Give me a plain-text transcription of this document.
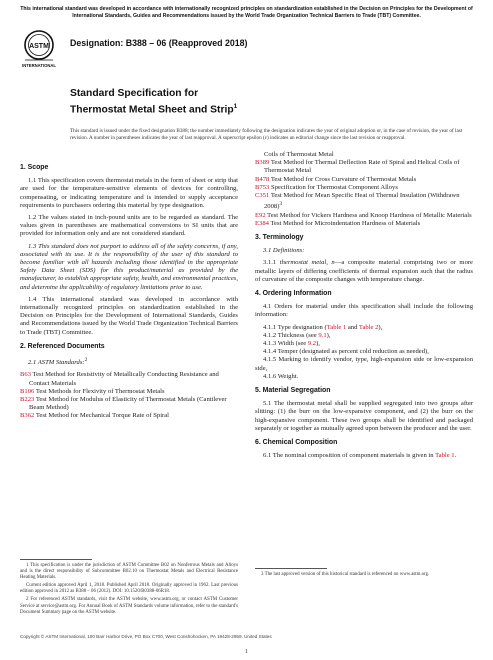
This international standard was developed in accordance with internationally recognized principles on standardization established in the Decision on Principles for the Development of International Standards, Guides and Recommendations issued by the World Trade Organization Technical Barriers to Trade (TBT) Committee.
ASTM
INTERNATIONAL
Designation: B388 – 06 (Reapproved 2018)
Standard Specification for
Thermostat Metal Sheet and Strip$^1$
This standard is issued under the fixed designation B388; the number immediately following the designation indicates the year of original adoption or, in the case of revision, the year of last revision. A number in parentheses indicates the year of last reapproval. A superscript epsilon (ε) indicates an editorial change since the last revision or reapproval.
1. Scope

1.1 This specification covers thermostat metals in the form of sheet or strip that are used for the temperature-sensitive elements of devices for controlling, compensating, or indicating temperature and is intended to supply acceptance requirements to purchasers ordering this material by type designation.

1.2 The values stated in inch-pound units are to be regarded as standard. The values given in parentheses are mathematical conversions to SI units that are provided for information only and are not considered standard.

1.3 This standard does not purport to address all of the safety concerns, if any, associated with its use. It is the responsibility of the user of this standard to become familiar with all hazards including those identified in the appropriate Safety Data Sheet (SDS) for this product/material as provided by the manufacturer, to establish appropriate safety, health, and environmental practices, and determine the applicability of regulatory limitations prior to use.

1.4 This international standard was developed in accordance with internationally recognized principles on standardization established in the Decision on Principles for the Development of International Standards, Guides and Recommendations issued by the World Trade Organization Technical Barriers to Trade (TBT) Committee.

2. Referenced Documents

2.1 ASTM Standards:$^2$

B63 Test Method for Resistivity of Metallically Conducting Resistance and Contact Materials
B106 Test Methods for Flexivity of Thermostat Metals
B223 Test Method for Modulus of Elasticity of Thermostat Metals (Cantilever Beam Method)
B362 Test Method for Mechanical Torque Rate of Spiral
Coils of Thermostat Metal
B389 Test Method for Thermal Deflection Rate of Spiral and Helical Coils of Thermostat Metal
B478 Test Method for Cross Curvature of Thermostat Metals
B753 Specification for Thermostat Component Alloys
C351 Test Method for Mean Specific Heat of Thermal Insulation (Withdrawn 2008)$^3$
E92 Test Method for Vickers Hardness and Knoop Hardness of Metallic Materials
E384 Test Method for Microindentation Hardness of Materials
3. Terminology

3.1 Definitions:

3.1.1 thermostat metal, n—a composite material comprising two or more metallic layers of differing coefficients of thermal expansion such that the radius of curvature of the composite changes with temperature change.

4. Ordering Information

4.1 Orders for material under this specification shall include the following information:

4.1.1 Type designation (Table 1 and Table 2),

4.1.2 Thickness (see 9.1),

4.1.3 Width (see 9.2),

4.1.4 Temper (designated as percent cold reduction as needed),

4.1.5 Marking to identify vendor, type, high-expansion side or low-expansion side,

4.1.6 Weight.

5. Material Segregation

5.1 The thermostat metal shall be supplied segregated into two groups after slitting: (1) the burr on the low-expansive component, and (2) the burr on the high-expansive component. These two groups shall be identified and packaged separately or together as mutually agreed upon between the producer and the user.

6. Chemical Composition

6.1 The nominal composition of component materials is given in Table 1.

1 This specification is under the jurisdiction of ASTM Committee B02 on Nonferrous Metals and Alloys and is the direct responsibility of Subcommittee B02.10 on Thermostat Metals and Electrical Resistance Heating Materials.

Current edition approved April 1, 2018. Published April 2018. Originally approved in 1962. Last previous edition approved in 2012 as B388 – 06 (2012). DOI: 10.1520/B0388-06R18.

2 For referenced ASTM standards, visit the ASTM website, www.astm.org, or contact ASTM Customer Service at service@astm.org. For Annual Book of ASTM Standards volume information, refer to the standard's Document Summary page on the ASTM website.

3 The last approved version of this historical standard is referenced on www.astm.org.

Copyright © ASTM International, 100 Barr Harbor Drive, PO Box C700, West Conshohocken, PA 19428-2959. United States
1
